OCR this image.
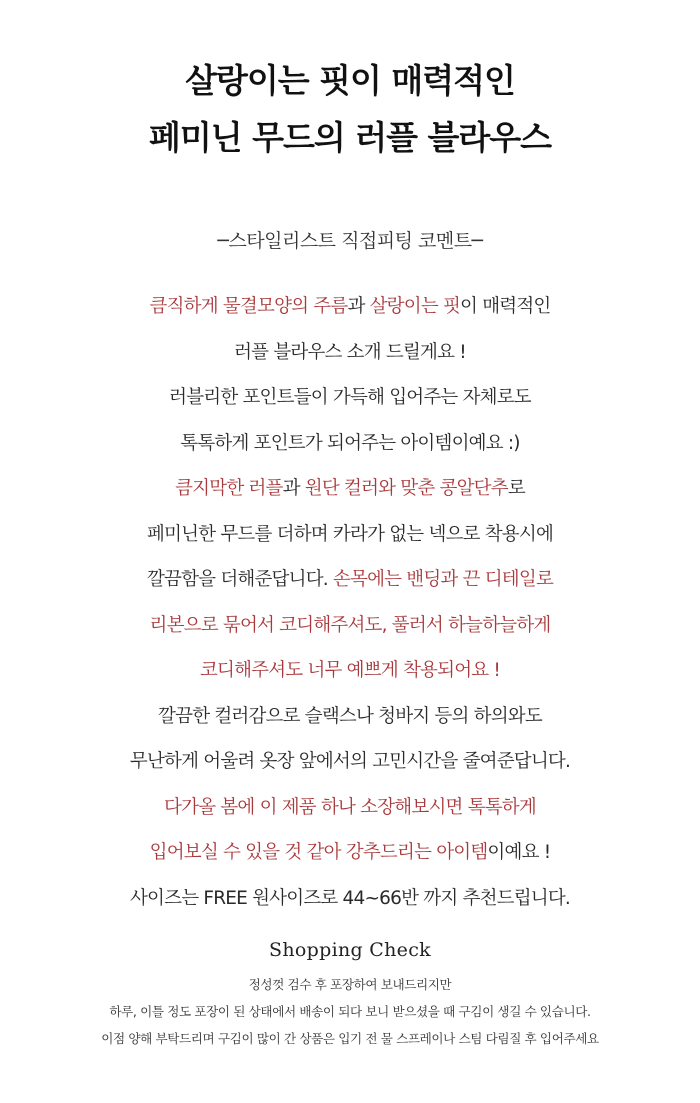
살랑이는 핏이 매력적인
페미닌 무드의 러플 블라우스
─스타일리스트 직접피팅 코멘트─
큼직하게 물결모양의 주름과 살랑이는 핏이 매력적인
러플 블라우스 소개 드릴게요 !
러블리한 포인트들이 가득해 입어주는 자체로도
톡톡하게 포인트가 되어주는 아이템이예요 :)
큼지막한 러플과 원단 컬러와 맞춘 콩알단추로
페미닌한 무드를 더하며 카라가 없는 넥으로 착용시에
깔끔함을 더해준답니다. 손목에는 밴딩과 끈 디테일로
리본으로 묶어서 코디해주셔도, 풀러서 하늘하늘하게
코디해주셔도 너무 예쁘게 착용되어요 !
깔끔한 컬러감으로 슬랙스나 청바지 등의 하의와도
무난하게 어울려 옷장 앞에서의 고민시간을 줄여준답니다.
다가올 봄에 이 제품 하나 소장해보시면 톡톡하게
입어보실 수 있을 것 같아 강추드리는 아이템이예요 !
사이즈는 FREE 원사이즈로 44~66반 까지 추천드립니다.
Shopping Check
정성껏 검수 후 포장하여 보내드리지만
하루, 이틀 정도 포장이 된 상태에서 배송이 되다 보니 받으셨을 때 구김이 생길 수 있습니다.
이점 양해 부탁드리며 구김이 많이 간 상품은 입기 전 물 스프레이나 스팀 다림질 후 입어주세요
